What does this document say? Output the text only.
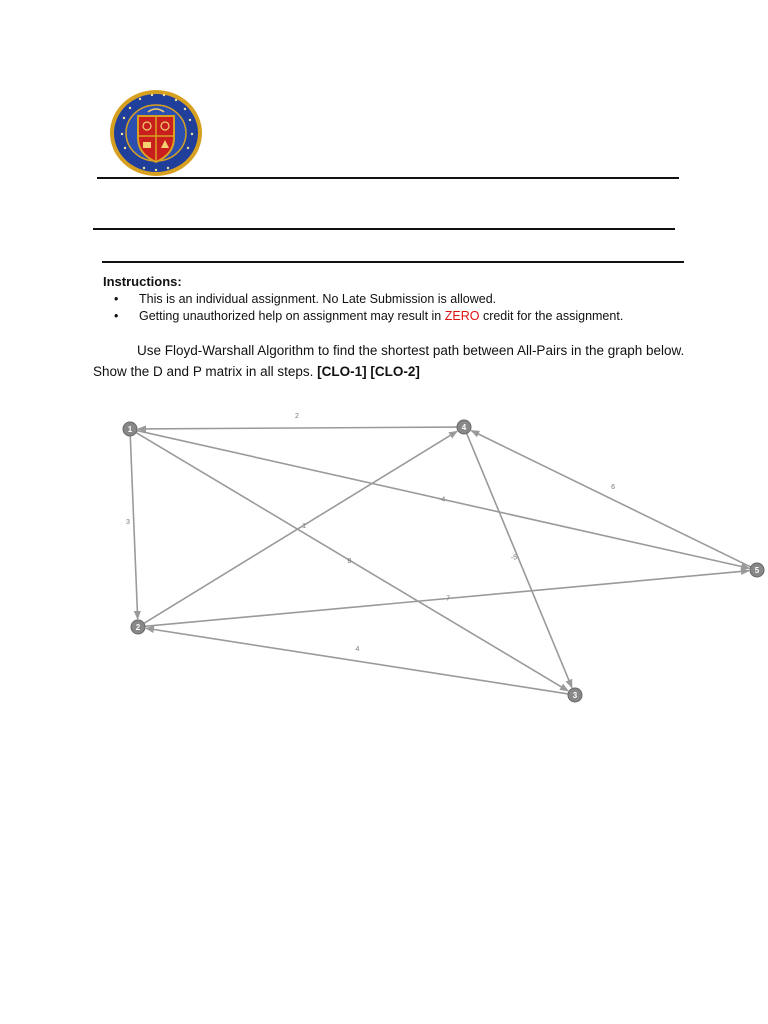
Instructions:
• This is an individual assignment. No Late Submission is allowed.
• Getting unauthorized help on assignment may result in ZERO credit for the assignment.
Use Floyd-Warshall Algorithm to find the shortest path between All-Pairs in the graph below. Show the D and P matrix in all steps. [CLO-1] [CLO-2]
2
3
-4
8
1
7
4
-5
6
1
2
3
4
5
